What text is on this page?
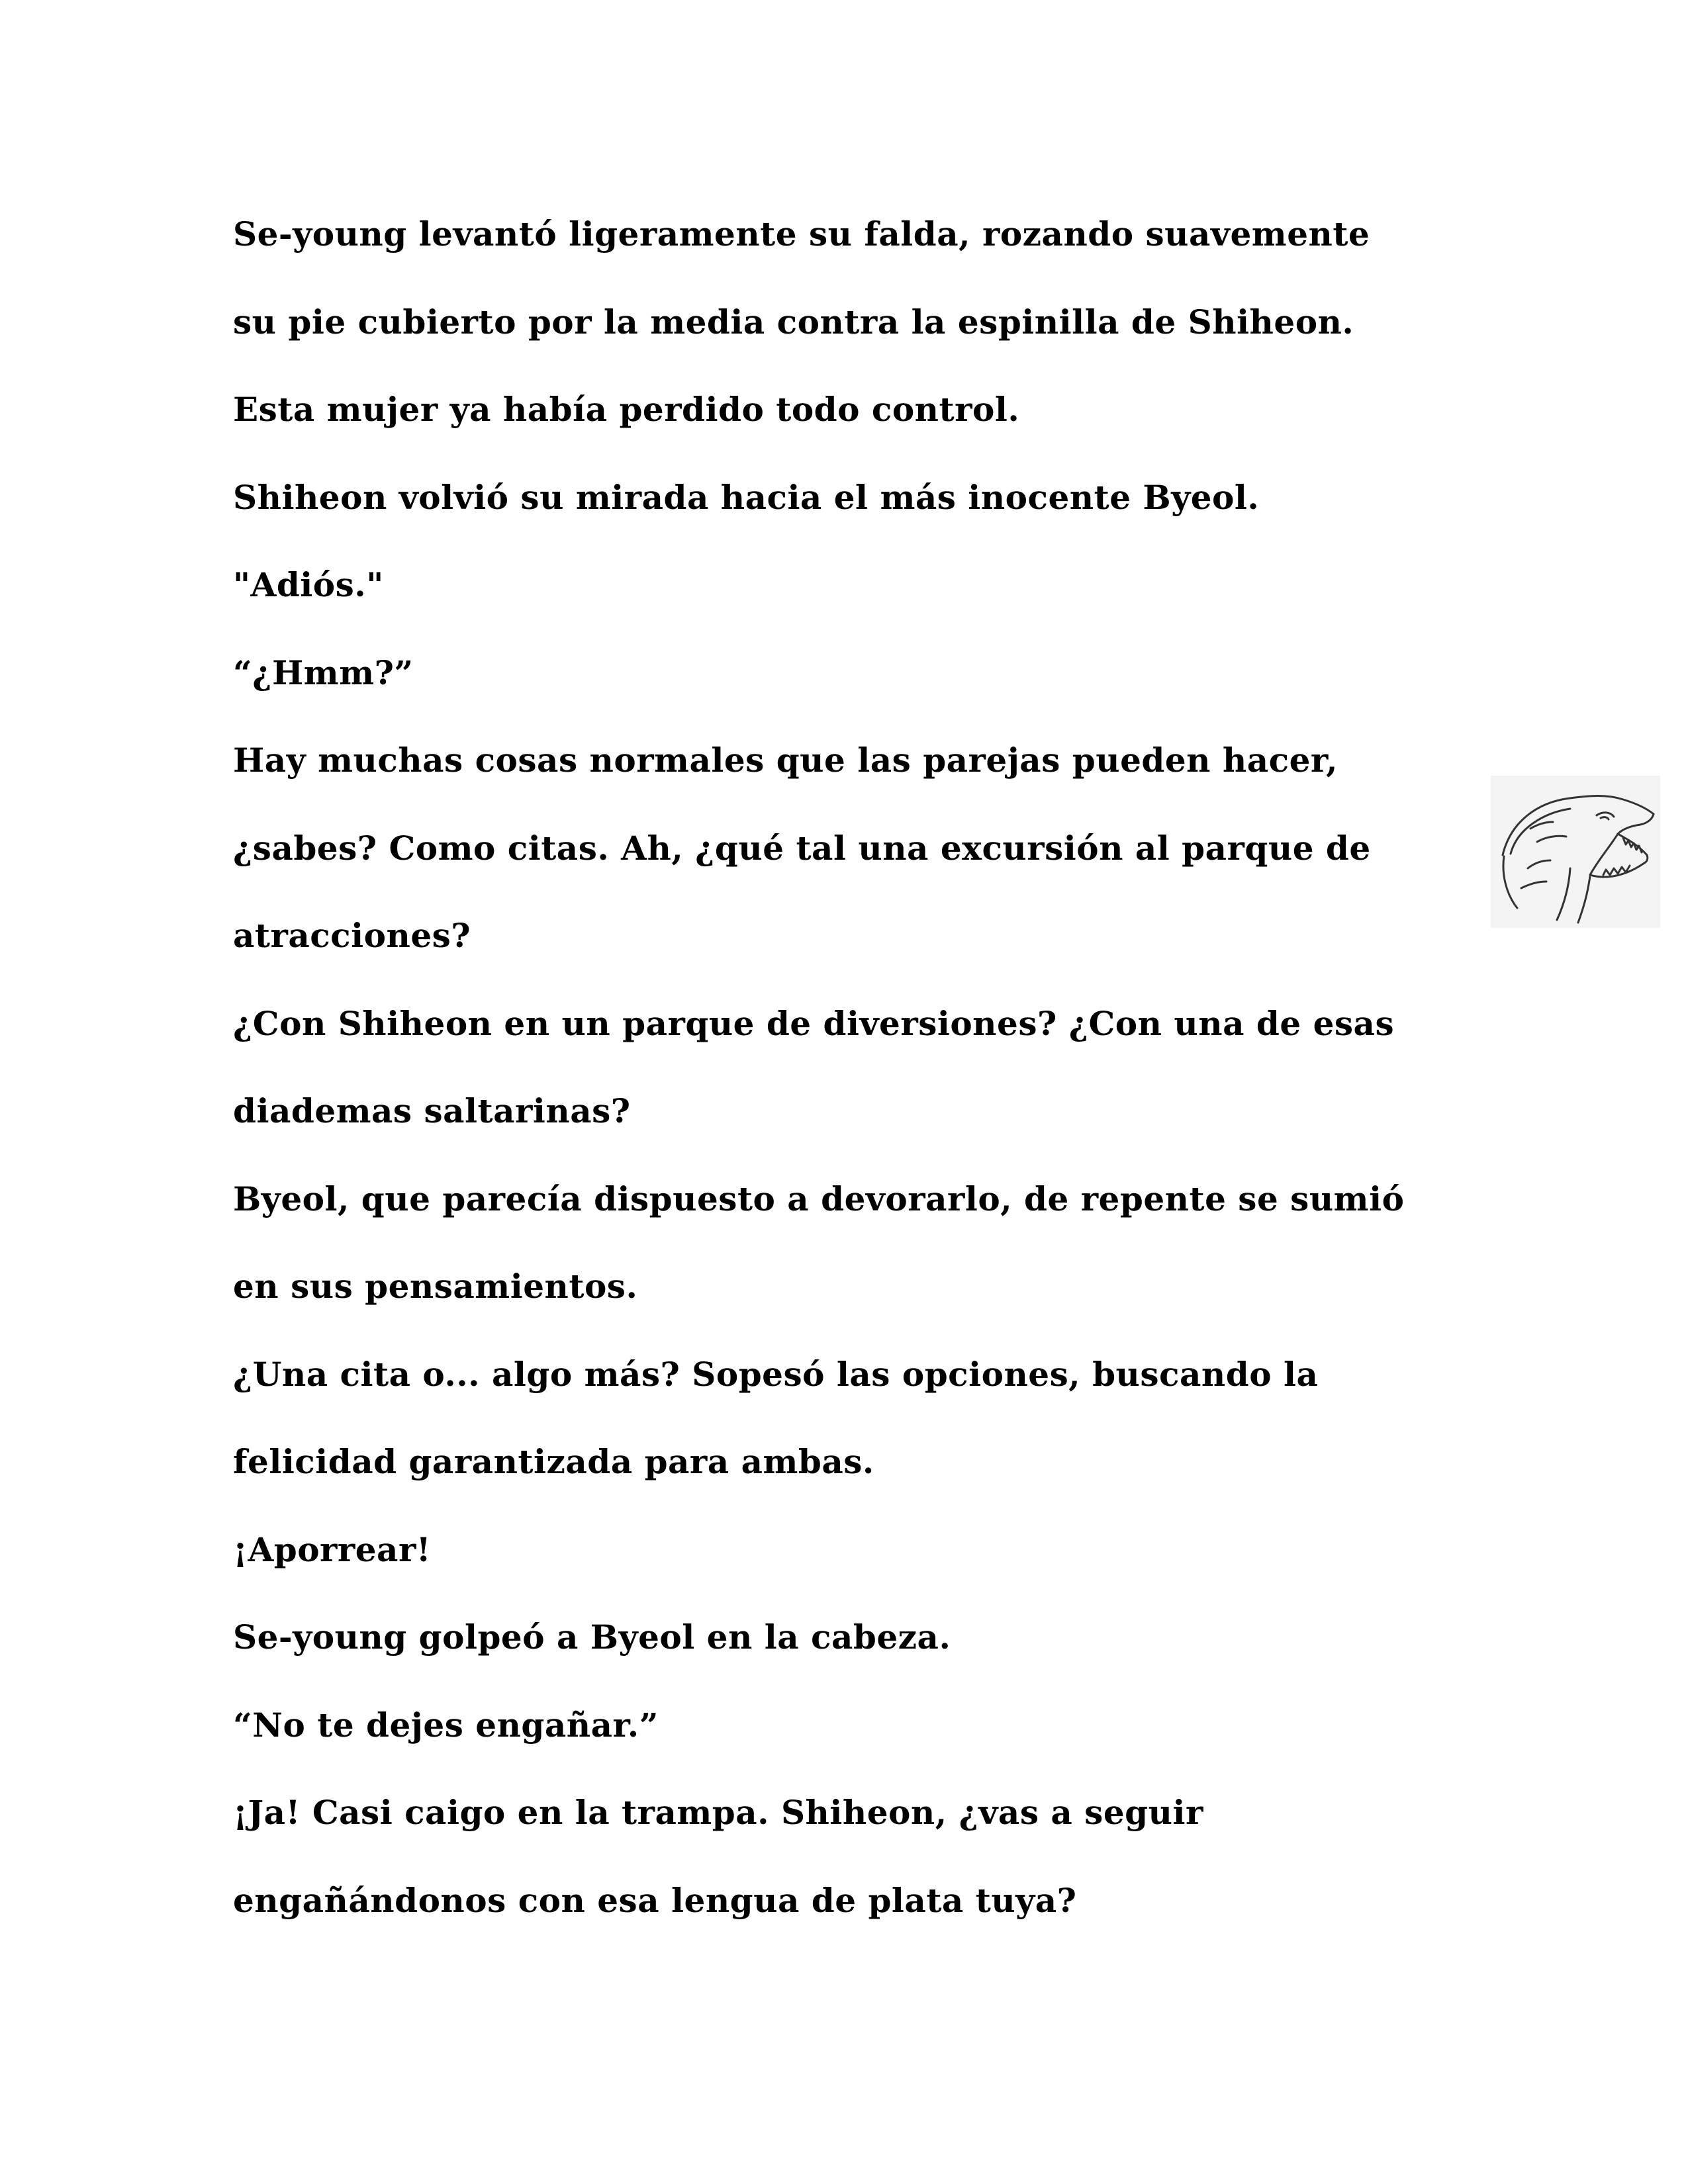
Se-young levantó ligeramente su falda, rozando suavemente
su pie cubierto por la media contra la espinilla de Shiheon.
Esta mujer ya había perdido todo control.
Shiheon volvió su mirada hacia el más inocente Byeol.
"Adiós."
“¿Hmm?”
Hay muchas cosas normales que las parejas pueden hacer,
¿sabes? Como citas. Ah, ¿qué tal una excursión al parque de
atracciones?
¿Con Shiheon en un parque de diversiones? ¿Con una de esas
diademas saltarinas?
Byeol, que parecía dispuesto a devorarlo, de repente se sumió
en sus pensamientos.
¿Una cita o... algo más? Sopesó las opciones, buscando la
felicidad garantizada para ambas.
¡Aporrear!
Se-young golpeó a Byeol en la cabeza.
“No te dejes engañar.”
¡Ja! Casi caigo en la trampa. Shiheon, ¿vas a seguir
engañándonos con esa lengua de plata tuya?
